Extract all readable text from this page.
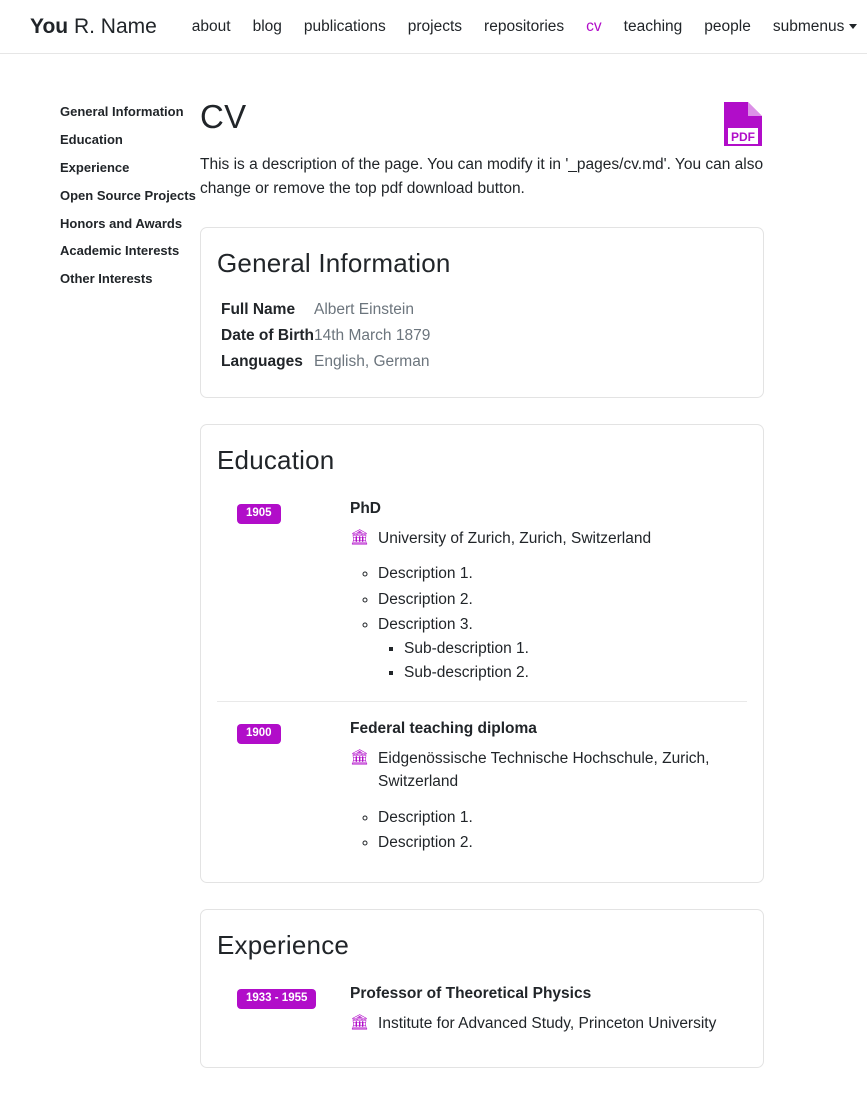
You R. Name	about	blog	publications	projects	repositories	cv	teaching	people	submenus
General Information
Education
Experience
Open Source Projects
Honors and Awards
Academic Interests
Other Interests
CV
PDF

This is a description of the page. You can modify it in '_pages/cv.md'. You can also change or remove the top pdf download button.

General Information
Full Name	Albert Einstein
Date of Birth	14th March 1879
Languages	English, German
Education
1905	PhD

🏛 University of Zurich, Zurich, Switzerland

◦ Description 1.
◦ Description 2.
◦ Description 3.
▪ Sub-description 1.
▪ Sub-description 2.
1900	Federal teaching diploma

🏛 Eidgenössische Technische Hochschule, Zurich, Switzerland

◦ Description 1.
◦ Description 2.
Experience
1933 - 1955	Professor of Theoretical Physics

🏛 Institute for Advanced Study, Princeton University
